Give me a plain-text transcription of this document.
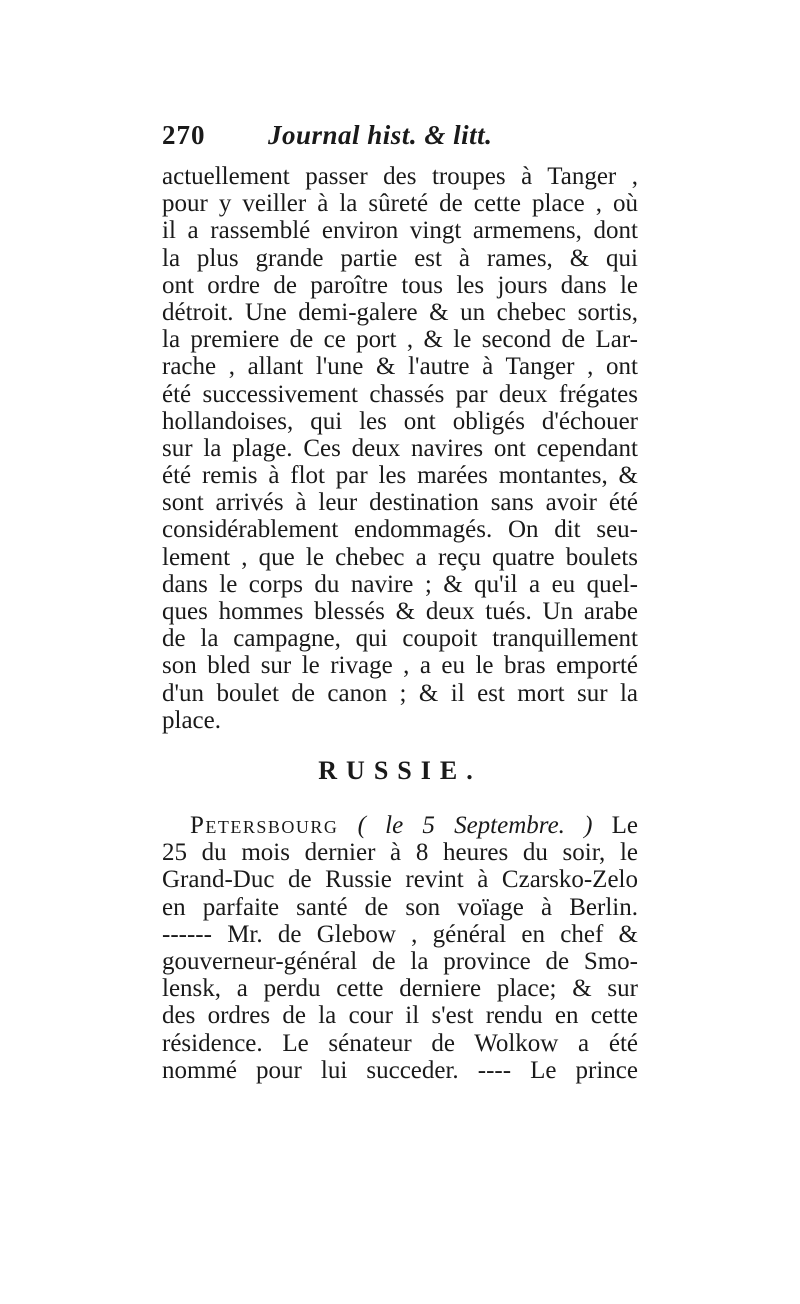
270 Journal hist. & litt.
actuellement passer des troupes à Tanger ,
pour y veiller à la sûreté de cette place , où
il a rassemblé environ vingt armemens, dont
la plus grande partie est à rames, & qui
ont ordre de paroître tous les jours dans le
détroit. Une demi-galere & un chebec sortis,
la premiere de ce port , & le second de Lar-
rache , allant l'une & l'autre à Tanger , ont
été successivement chassés par deux frégates
hollandoises, qui les ont obligés d'échouer
sur la plage. Ces deux navires ont cependant
été remis à flot par les marées montantes, &
sont arrivés à leur destination sans avoir été
considérablement endommagés. On dit seu-
lement , que le chebec a reçu quatre boulets
dans le corps du navire ; & qu'il a eu quel-
ques hommes blessés & deux tués. Un arabe
de la campagne, qui coupoit tranquillement
son bled sur le rivage , a eu le bras emporté
d'un boulet de canon ; & il est mort sur la
place.
RUSSIE.
Petersbourg ( le 5 Septembre. ) Le
25 du mois dernier à 8 heures du soir, le
Grand-Duc de Russie revint à Czarsko-Zelo
en parfaite santé de son voïage à Berlin.
------ Mr. de Glebow , général en chef &
gouverneur-général de la province de Smo-
lensk, a perdu cette derniere place; & sur
des ordres de la cour il s'est rendu en cette
résidence. Le sénateur de Wolkow a été
nommé pour lui succeder. ---- Le prince
